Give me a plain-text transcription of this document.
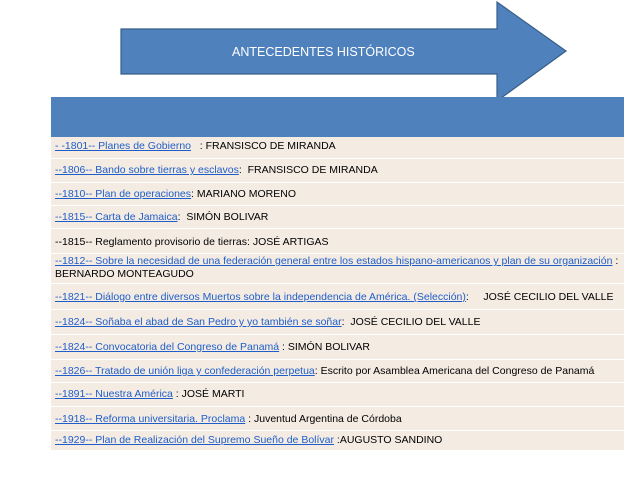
ANTECEDENTES HISTÓRICOS
- -1801-- Planes de Gobierno   : FRANSISCO DE MIRANDA
--1806-- Bando sobre tierras y esclavos:  FRANSISCO DE MIRANDA
--1810-- Plan de operaciones: MARIANO MORENO
--1815-- Carta de Jamaica:  SIMÓN BOLIVAR
--1815-- Reglamento provisorio de tierras: JOSÉ ARTIGAS
--1812-- Sobre la necesidad de una federación general entre los estados hispano-americanos y plan de su organización : BERNARDO MONTEAGUDO
--1821-- Diálogo entre diversos Muertos sobre la independencia de América. (Selección):     JOSÉ CECILIO DEL VALLE
--1824-- Soñaba el abad de San Pedro y yo también se soñar:  JOSÉ CECILIO DEL VALLE
--1824-- Convocatoria del Congreso de Panamá : SIMÓN BOLIVAR
--1826-- Tratado de unión liga y confederación perpetua: Escrito por Asamblea Americana del Congreso de Panamá
--1891-- Nuestra América : JOSÉ MARTI
--1918-- Reforma universitaria. Proclama : Juventud Argentina de Córdoba
--1929-- Plan de Realización del Supremo Sueño de Bolívar :AUGUSTO SANDINO
